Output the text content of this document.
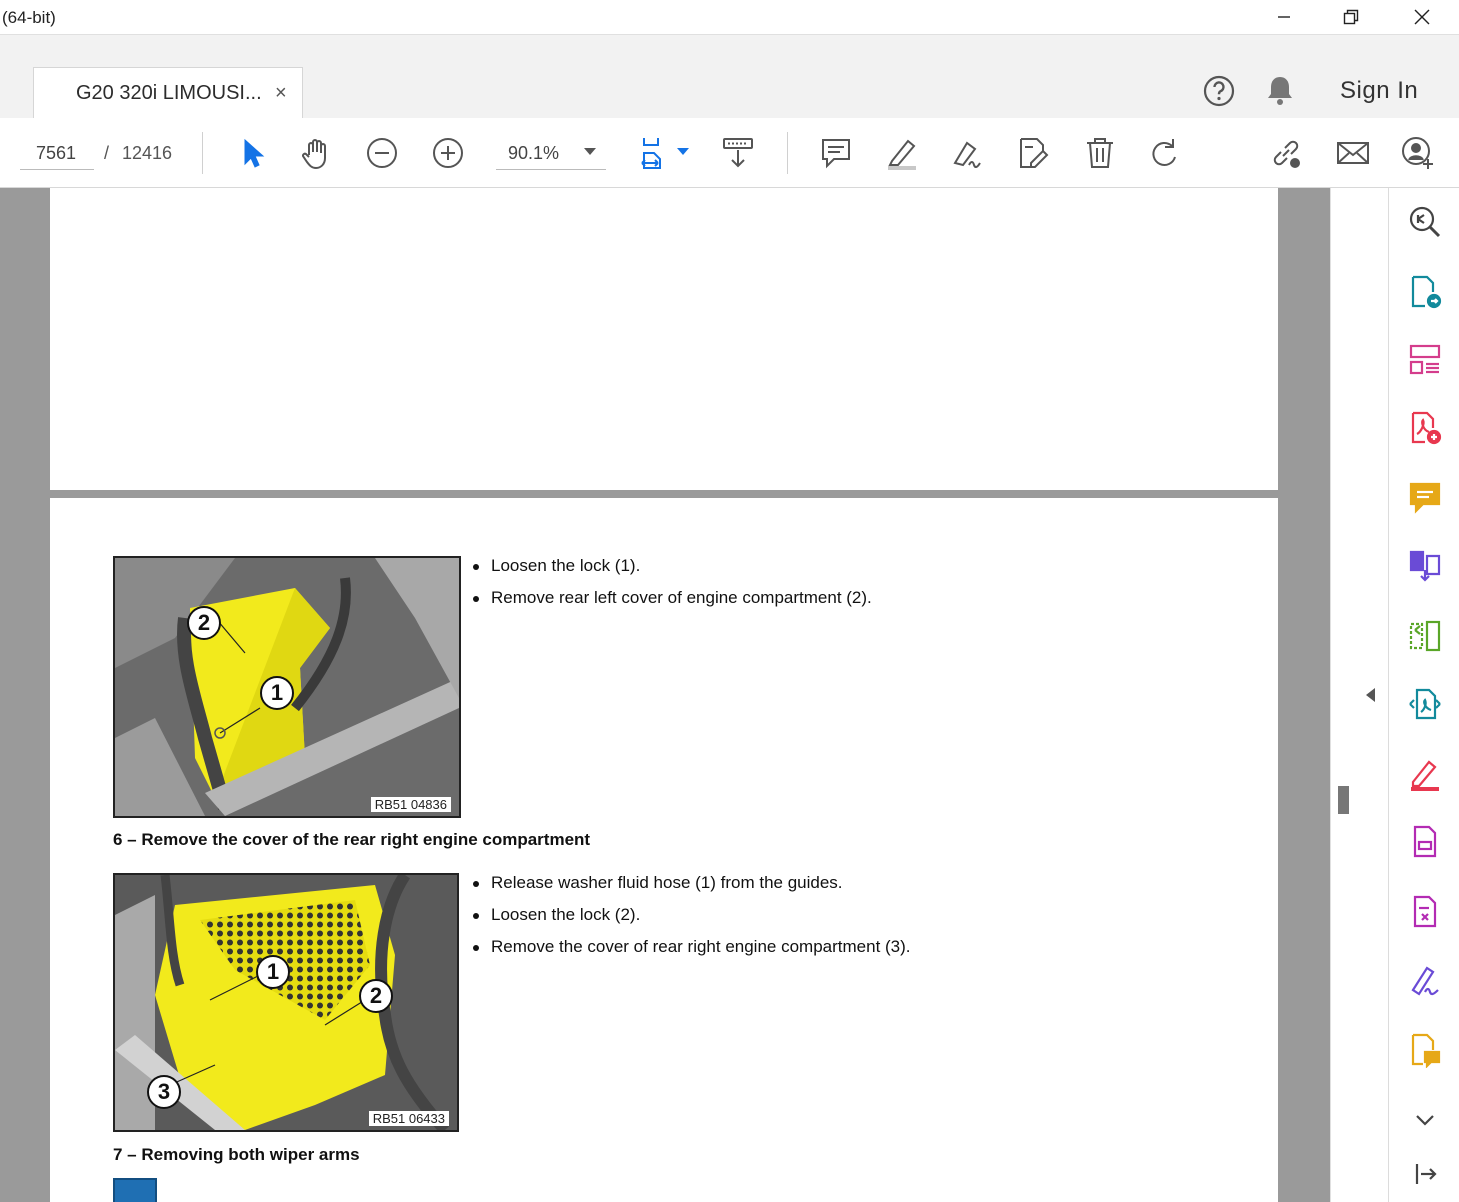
(64-bit)
G20 320i LIMOUSI... ×	Sign In
7561	/ 12416	90.1%
2
1
RB51 04836
Loosen the lock (1).
Remove rear left cover of engine compartment (2).
6 – Remove the cover of the rear right engine compartment
1
2
3
RB51 06433
Release washer fluid hose (1) from the guides.
Loosen the lock (2).
Remove the cover of rear right engine compartment (3).
7 – Removing both wiper arms
